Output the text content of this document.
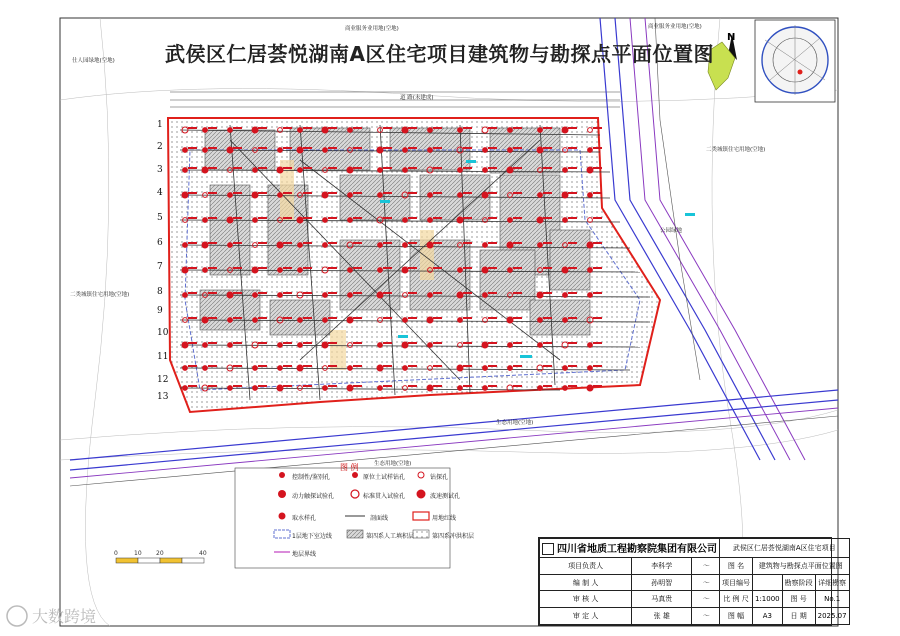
武侯区仁居荟悦湖南A区住宅项目建筑物与勘探点平面位置图
N
仕人园绿地(空地)
商业服务业用地(空地)	商业服务业用地(空地)
道 路(未建成)
二类城镇住宅用地(空地)
公园绿地
二类城镇住宅用地(空地)
生态用地(空地)
生态用地(空地)
1
2
3
4
5
6
7
8
9
10
11
12
13
图 例
动力触探试验孔	标准贯入试验孔	波速测试孔
取水样孔	剖面线	用地红线
1层地下室边线	第四系人工填积层	第四系冲洪积层
地层界线
控制性/鉴别孔	原位土试样钻孔	钻探孔
0	10 20	40	四川省地质工程勘察院集团有限公司			武侯区仁居荟悦湖南A区住宅项目			
项目负责人	李科学	〜	图 名	建筑物与勘探点平面位置图		
编 制 人	孙明智	〜	项目编号		勘察阶段	详细勘察
审 核 人	马真贵	〜	比 例 尺	1:1000	图 号	No.1
审 定 人	张 雄	〜	图 幅	A3	日 期	2025.07
大数跨境
